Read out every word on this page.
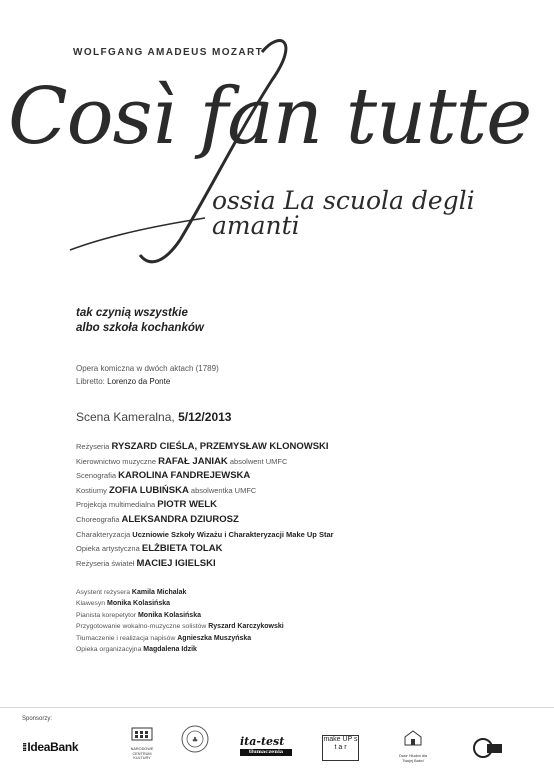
WOLFGANG AMADEUS MOZART
Così fan tutte
ossia La scuola degli amanti
tak czynią wszystkie
albo szkoła kochanków
Opera komiczna w dwóch aktach (1789)
Libretto: Lorenzo da Ponte
Scena Kameralna, 5/12/2013
Reżyseria RYSZARD CIEŚLA, PRZEMYSŁAW KLONOWSKI
Kierownictwo muzyczne RAFAŁ JANIAK absolwent UMFC
Scenografia KAROLINA FANDREJEWSKA
Kostiumy ZOFIA LUBIŃSKA absolwentka UMFC
Projekcja multimedialna PIOTR WELK
Choreografia ALEKSANDRA DZIUROSZ
Charakteryzacja Uczniowie Szkoły Wizażu i Charakteryzacji Make Up Star
Opieka artystyczna ELŻBIETA TOLAK
Reżyseria świateł MACIEJ IGIELSKI
Asystent reżysera Kamila Michalak
Klawesyn Monika Kolasińska
Pianista korepetytor Monika Kolasińska
Przygotowanie wokalno-muzyczne solistów Ryszard Karczykowski
Tłumaczenie i realizacja napisów Agnieszka Muszyńska
Opieka organizacyjna Magdalena Idzik
Sponsorzy:
⁞⁞ IdeaBank	NARODOWE CENTRUM KULTURY
♣	ita-test
tłumaczenia
make UP s t a r
Dwór Hłudno dla Twojej Babci
